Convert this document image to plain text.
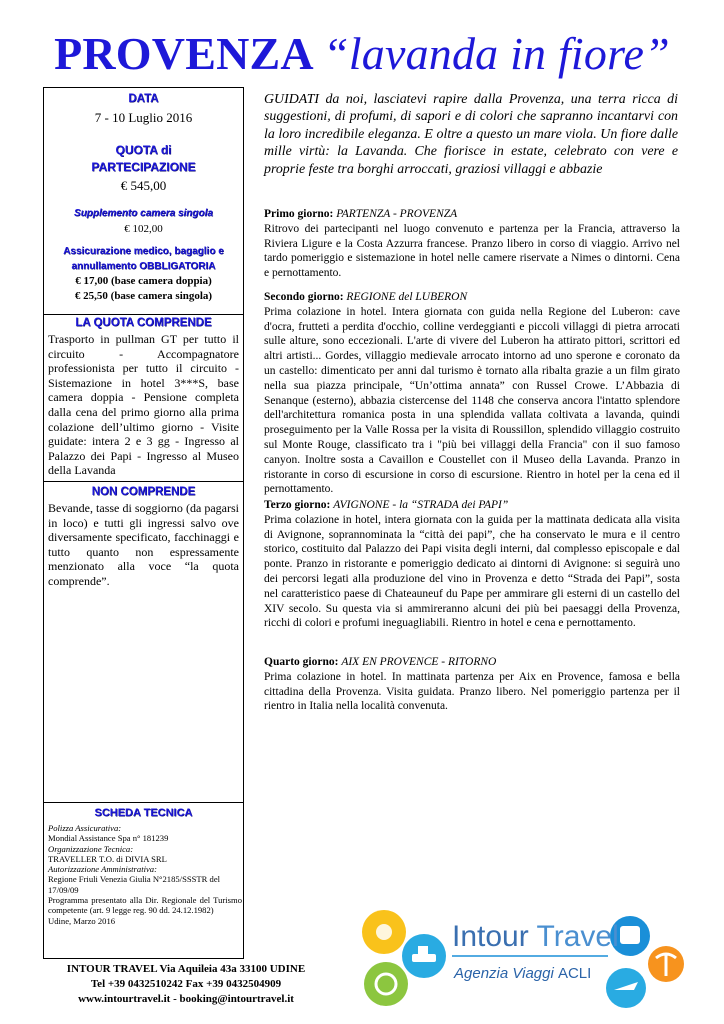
PROVENZA “lavanda in fiore”
DATA
7 - 10 Luglio 2016
QUOTA di
PARTECIPAZIONE
€ 545,00
Supplemento camera singola
€ 102,00
Assicurazione medico, bagaglio e
annullamento OBBLIGATORIA
€ 17,00 (base camera doppia)
€ 25,50 (base camera singola)
LA QUOTA COMPRENDE
Trasporto in pullman GT per tutto il circuito - Accompagnatore professionista per tutto il circuito - Sistemazione in hotel 3***S, base camera doppia - Pensione completa dalla cena del primo giorno alla prima colazione dell’ultimo giorno - Visite guidate: intera 2 e 3 gg - Ingresso al Palazzo dei Papi - Ingresso al Museo della Lavanda
NON COMPRENDE
Bevande, tasse di soggiorno (da pagarsi in loco) e tutti gli ingressi salvo ove diversamente specificato, facchinaggi e tutto quanto non espressamente menzionato alla voce “la quota comprende”.
SCHEDA TECNICA
Polizza Assicurativa:
Mondial Assistance Spa n° 181239
Organizzazione Tecnica:
TRAVELLER T.O. di DIVIA SRL
Autorizzazione Amministrativa:
Regione Friuli Venezia Giulia N°2185/SSSTR del 17/09/09
Programma presentato alla Dir. Regionale del Turismo competente (art. 9 legge reg. 90 dd. 24.12.1982)
Udine, Marzo 2016
INTOUR TRAVEL Via Aquileia 43a 33100 UDINE
Tel +39 0432510242 Fax +39 0432504909
www.intourtravel.it - booking@intourtravel.it
GUIDATI da noi, lasciatevi rapire dalla Provenza, una terra ricca di suggestioni, di profumi, di sapori e di colori che sapranno incantarvi con la loro incredibile eleganza. E oltre a questo un mare viola. Un fiore dalle mille virtù: la Lavanda. Che fiorisce in estate, celebrato con vere e proprie feste tra borghi arroccati, graziosi villaggi e abbazie
Primo giorno: PARTENZA - PROVENZA
Ritrovo dei partecipanti nel luogo convenuto e partenza per la Francia, attraverso la Riviera Ligure e la Costa Azzurra francese. Pranzo libero in corso di viaggio. Arrivo nel tardo pomeriggio e sistemazione in hotel nelle camere riservate a Nimes o dintorni. Cena e pernottamento.
Secondo giorno: REGIONE del LUBERON
Prima colazione in hotel. Intera giornata con guida nella Regione del Luberon: cave d'ocra, frutteti a perdita d'occhio, colline verdeggianti e piccoli villaggi di pietra arrocati sulle alture, sono eccezionali. L'arte di vivere del Luberon ha attirato pittori, scrittori ed altri artisti... Gordes, villaggio medievale arrocato intorno ad uno sperone e coronato da un castello: dimenticato per anni dal turismo è tornato alla ribalta grazie a un film girato nella sua piazza principale, “Un’ottima annata” con Russel Crowe. L’Abbazia di Senanque (esterno), abbazia cistercense del 1148 che conserva ancora l'intatto splendore dell'architettura romanica posta in una splendida vallata coltivata a lavanda, quindi proseguimento per la Valle Rossa per la visita di Roussillon, splendido villaggio costruito sul Monte Rouge, classificato tra i "più bei villaggi della Francia" con il suo famoso canyon. Inoltre sosta a Cavaillon e Coustellet con il Museo della Lavanda. Pranzo in ristorante in corso di escursione in corso di escursione. Rientro in hotel per la cena ed il pernottamento.
Terzo giorno: AVIGNONE - la “STRADA dei PAPI”
Prima colazione in hotel, intera giornata con la guida per la mattinata dedicata alla visita di Avignone, soprannominata la “città dei papi”, che ha conservato le mura e il centro storico, costituito dal Palazzo dei Papi visita degli interni, dal complesso episcopale e dal ponte. Pranzo in ristorante e pomeriggio dedicato ai dintorni di Avignone: si seguirà uno dei percorsi legati alla produzione del vino in Provenza e detto “Strada dei Papi”, sosta nel caratteristico paese di Chateauneuf du Pape per ammirare gli esterni di un castello del XIV secolo. Su questa via si ammireranno alcuni dei più bei paesaggi della Provenza, ricchi di colori e profumi ineguagliabili. Rientro in hotel e cena e pernottamento.
Quarto giorno: AIX EN PROVENCE - RITORNO
Prima colazione in hotel. In mattinata partenza per Aix en Provence, famosa e bella cittadina della Provenza. Visita guidata. Pranzo libero. Nel pomeriggio partenza per il rientro in Italia nella località convenuta.
Intour Travel
Agenzia Viaggi ACLI
